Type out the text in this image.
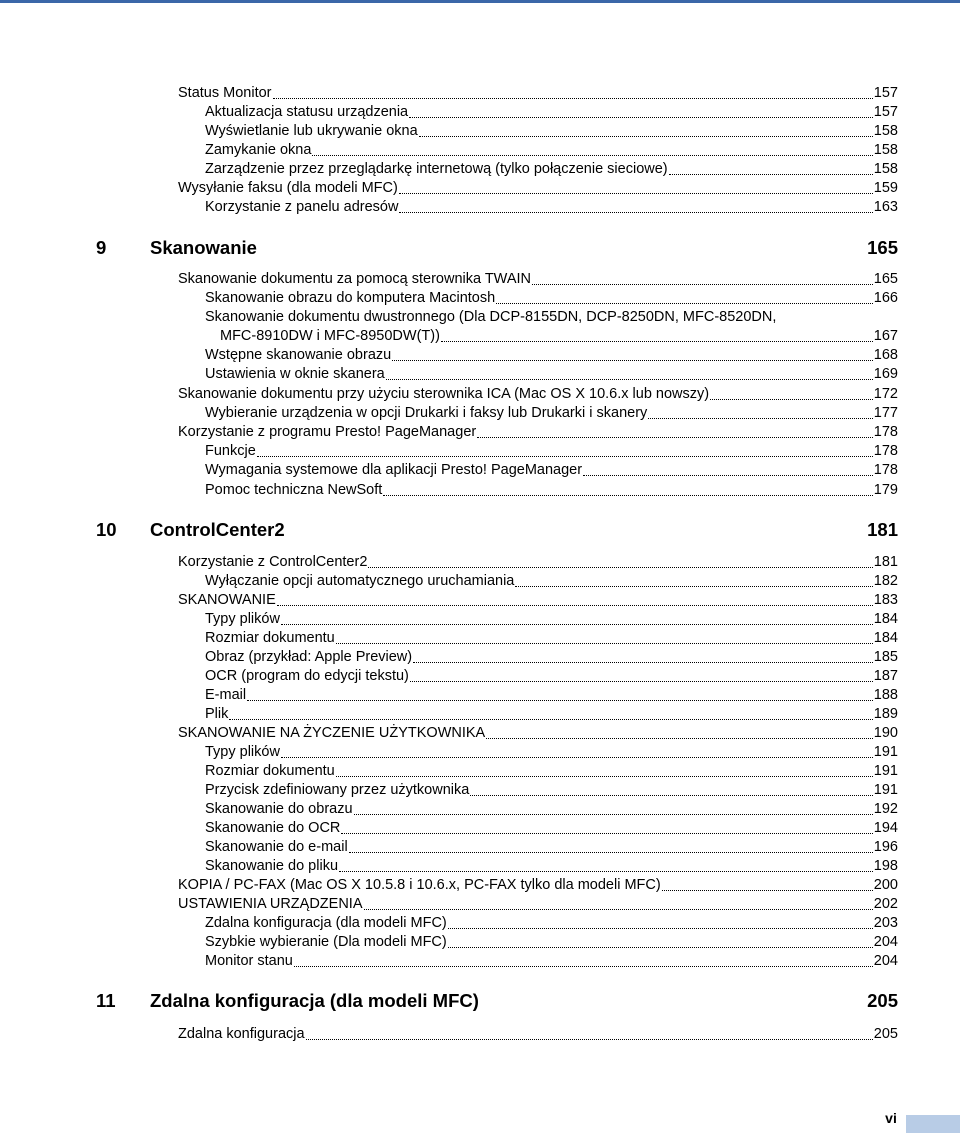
Status Monitor	157
Aktualizacja statusu urządzenia	157
Wyświetlanie lub ukrywanie okna	158
Zamykanie okna	158
Zarządzenie przez przeglądarkę internetową (tylko połączenie sieciowe)	158
Wysyłanie faksu (dla modeli MFC)	159
Korzystanie z panelu adresów	163
9	Skanowanie	165
Skanowanie dokumentu za pomocą sterownika TWAIN	165
Skanowanie obrazu do komputera Macintosh	166
Skanowanie dokumentu dwustronnego (Dla DCP-8155DN, DCP-8250DN, MFC-8520DN,
MFC-8910DW i MFC-8950DW(T))	167
Wstępne skanowanie obrazu	168
Ustawienia w oknie skanera	169
Skanowanie dokumentu przy użyciu sterownika ICA (Mac OS X 10.6.x lub nowszy)	172
Wybieranie urządzenia w opcji Drukarki i faksy lub Drukarki i skanery	177
Korzystanie z programu Presto! PageManager	178
Funkcje	178
Wymagania systemowe dla aplikacji Presto! PageManager	178
Pomoc techniczna NewSoft	179
10	ControlCenter2	181
Korzystanie z ControlCenter2	181
Wyłączanie opcji automatycznego uruchamiania	182
SKANOWANIE	183
Typy plików	184
Rozmiar dokumentu	184
Obraz (przykład: Apple Preview)	185
OCR (program do edycji tekstu)	187
E-mail	188
Plik	189
SKANOWANIE NA ŻYCZENIE UŻYTKOWNIKA	190
Typy plików	191
Rozmiar dokumentu	191
Przycisk zdefiniowany przez użytkownika	191
Skanowanie do obrazu	192
Skanowanie do OCR	194
Skanowanie do e-mail	196
Skanowanie do pliku	198
KOPIA / PC-FAX (Mac OS X 10.5.8 i 10.6.x, PC-FAX tylko dla modeli MFC)	200
USTAWIENIA URZĄDZENIA	202
Zdalna konfiguracja (dla modeli MFC)	203
Szybkie wybieranie (Dla modeli MFC)	204
Monitor stanu	204
11	Zdalna konfiguracja (dla modeli MFC)	205
Zdalna konfiguracja	205
vi
